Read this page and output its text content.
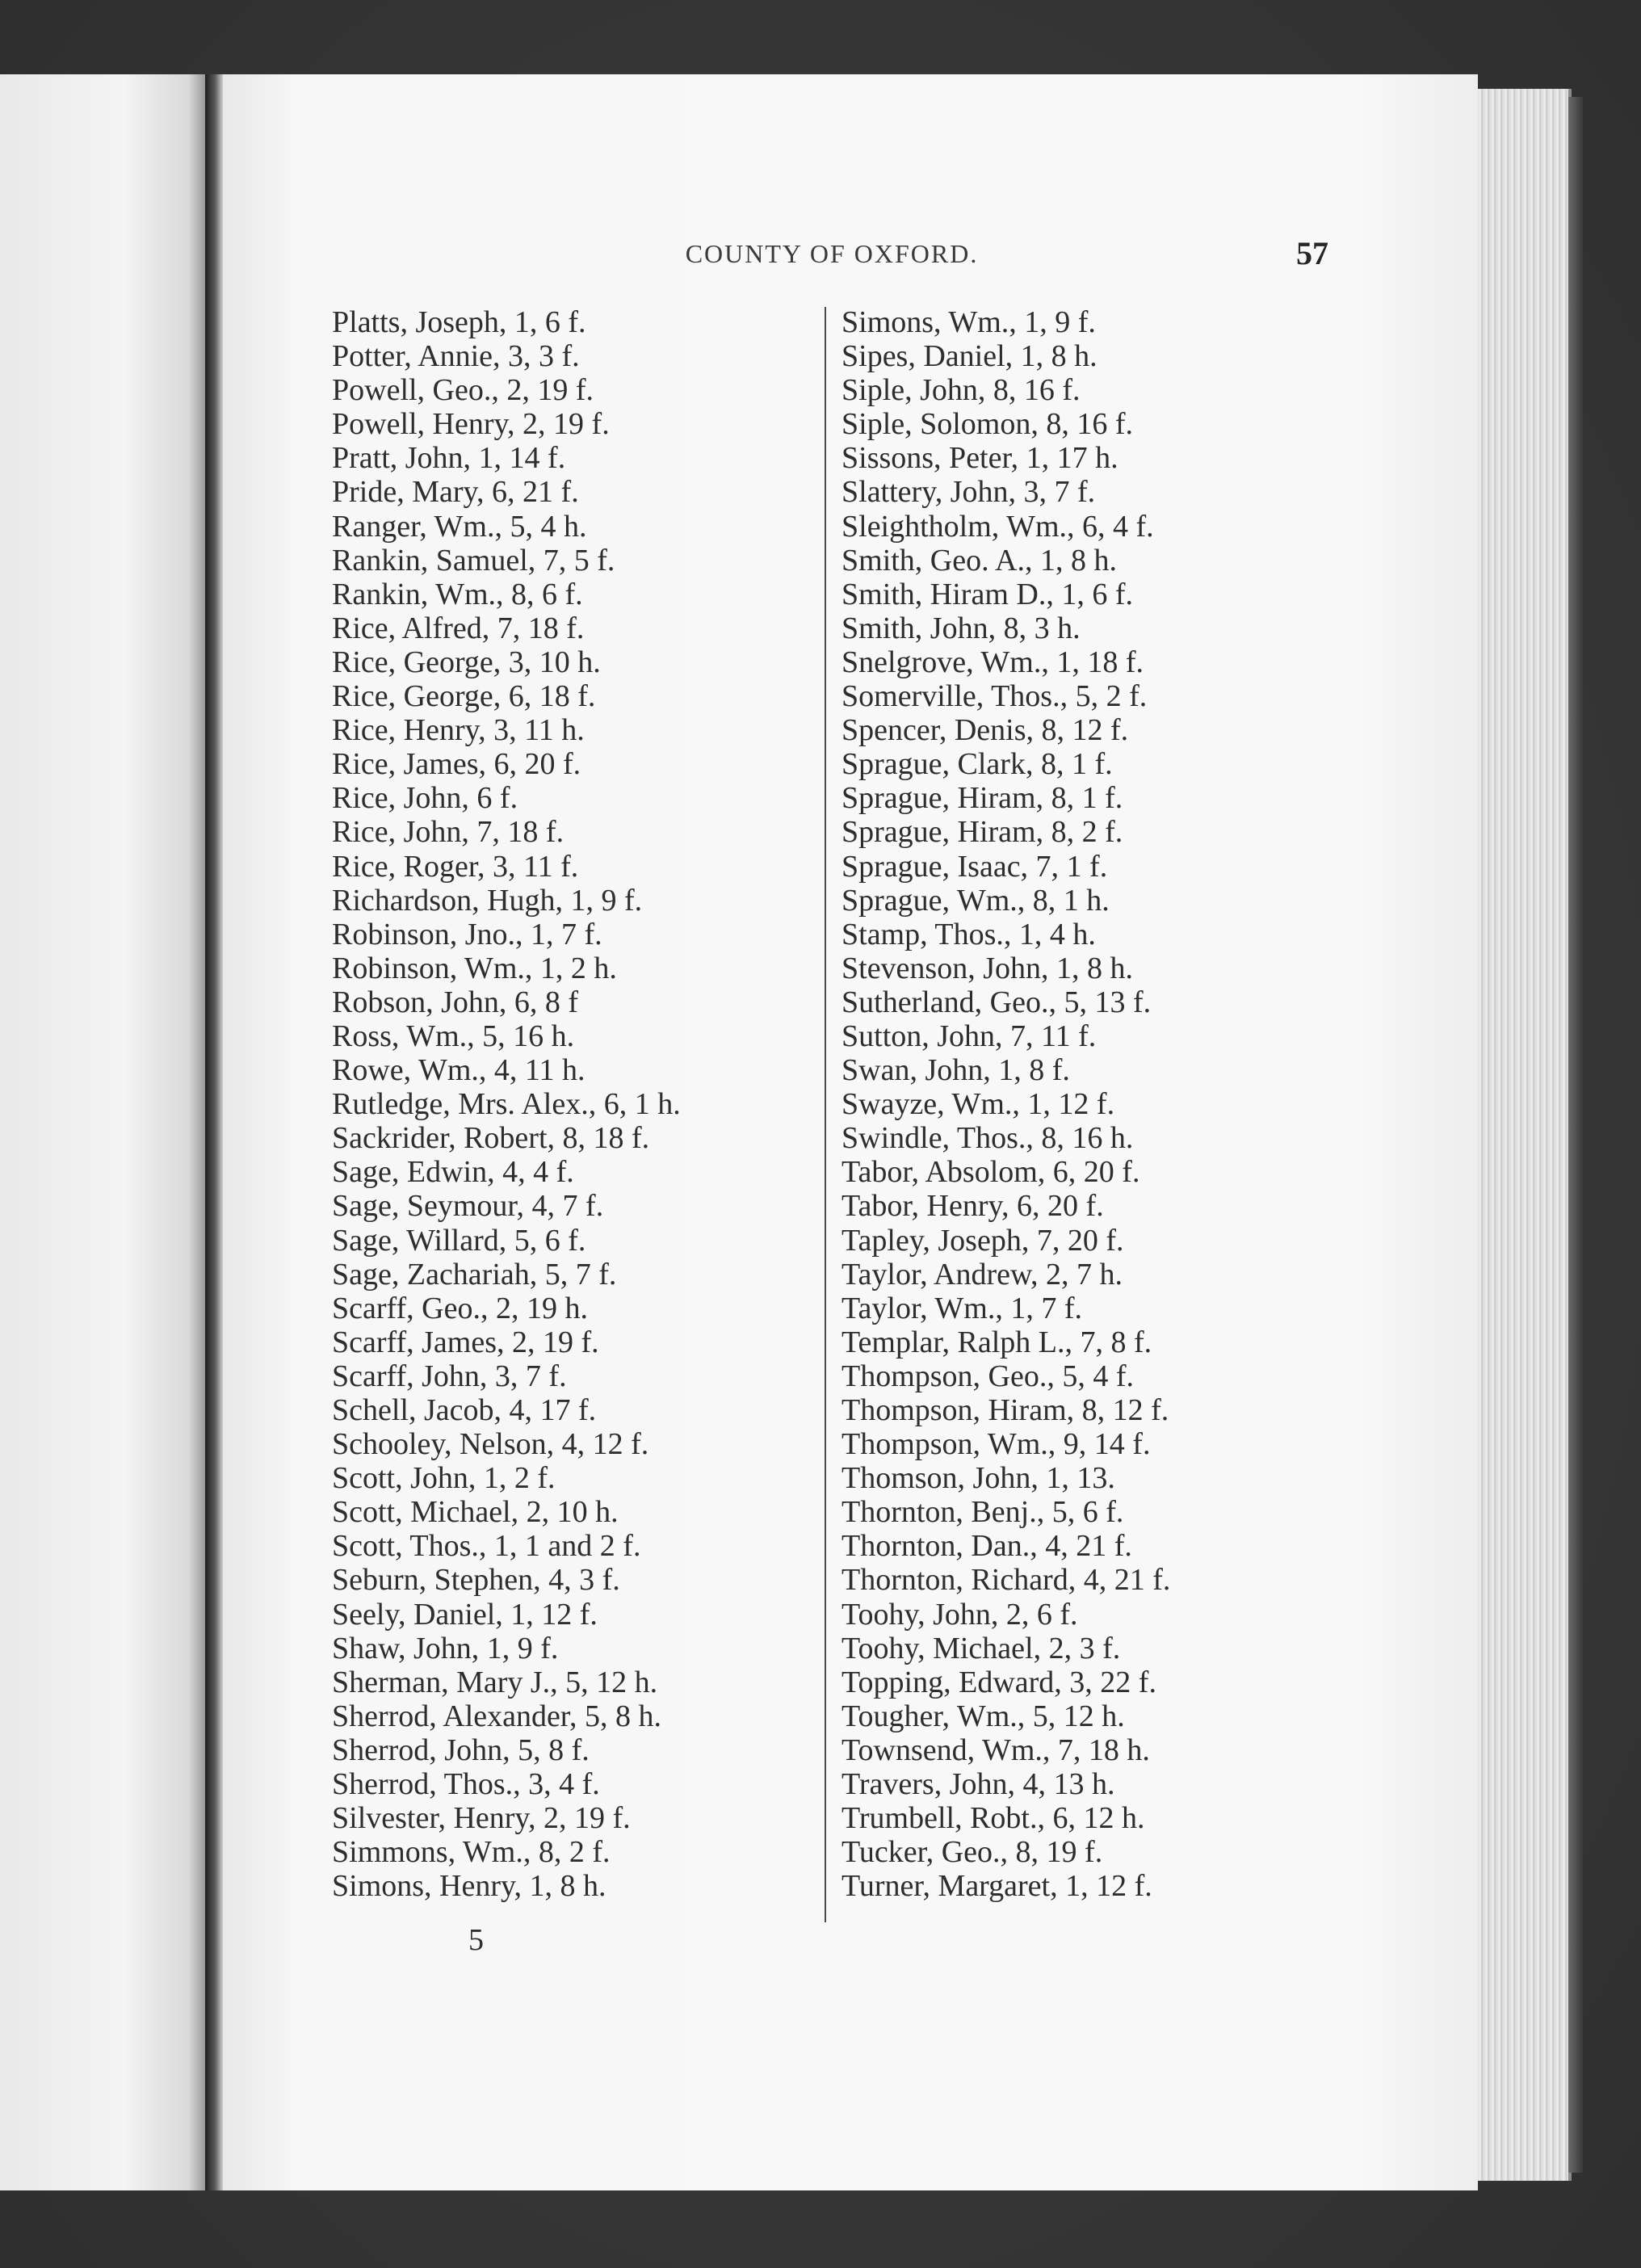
COUNTY OF OXFORD.	57
Platts, Joseph, 1, 6 f.
Potter, Annie, 3, 3 f.
Powell, Geo., 2, 19 f.
Powell, Henry, 2, 19 f.
Pratt, John, 1, 14 f.
Pride, Mary, 6, 21 f.
Ranger, Wm., 5, 4 h.
Rankin, Samuel, 7, 5 f.
Rankin, Wm., 8, 6 f.
Rice, Alfred, 7, 18 f.
Rice, George, 3, 10 h.
Rice, George, 6, 18 f.
Rice, Henry, 3, 11 h.
Rice, James, 6, 20 f.
Rice, John, 6 f.
Rice, John, 7, 18 f.
Rice, Roger, 3, 11 f.
Richardson, Hugh, 1, 9 f.
Robinson, Jno., 1, 7 f.
Robinson, Wm., 1, 2 h.
Robson, John, 6, 8 f
Ross, Wm., 5, 16 h.
Rowe, Wm., 4, 11 h.
Rutledge, Mrs. Alex., 6, 1 h.
Sackrider, Robert, 8, 18 f.
Sage, Edwin, 4, 4 f.
Sage, Seymour, 4, 7 f.
Sage, Willard, 5, 6 f.
Sage, Zachariah, 5, 7 f.
Scarff, Geo., 2, 19 h.
Scarff, James, 2, 19 f.
Scarff, John, 3, 7 f.
Schell, Jacob, 4, 17 f.
Schooley, Nelson, 4, 12 f.
Scott, John, 1, 2 f.
Scott, Michael, 2, 10 h.
Scott, Thos., 1, 1 and 2 f.
Seburn, Stephen, 4, 3 f.
Seely, Daniel, 1, 12 f.
Shaw, John, 1, 9 f.
Sherman, Mary J., 5, 12 h.
Sherrod, Alexander, 5, 8 h.
Sherrod, John, 5, 8 f.
Sherrod, Thos., 3, 4 f.
Silvester, Henry, 2, 19 f.
Simmons, Wm., 8, 2 f.
Simons, Henry, 1, 8 h.
Simons, Wm., 1, 9 f.
Sipes, Daniel, 1, 8 h.
Siple, John, 8, 16 f.
Siple, Solomon, 8, 16 f.
Sissons, Peter, 1, 17 h.
Slattery, John, 3, 7 f.
Sleightholm, Wm., 6, 4 f.
Smith, Geo. A., 1, 8 h.
Smith, Hiram D., 1, 6 f.
Smith, John, 8, 3 h.
Snelgrove, Wm., 1, 18 f.
Somerville, Thos., 5, 2 f.
Spencer, Denis, 8, 12 f.
Sprague, Clark, 8, 1 f.
Sprague, Hiram, 8, 1 f.
Sprague, Hiram, 8, 2 f.
Sprague, Isaac, 7, 1 f.
Sprague, Wm., 8, 1 h.
Stamp, Thos., 1, 4 h.
Stevenson, John, 1, 8 h.
Sutherland, Geo., 5, 13 f.
Sutton, John, 7, 11 f.
Swan, John, 1, 8 f.
Swayze, Wm., 1, 12 f.
Swindle, Thos., 8, 16 h.
Tabor, Absolom, 6, 20 f.
Tabor, Henry, 6, 20 f.
Tapley, Joseph, 7, 20 f.
Taylor, Andrew, 2, 7 h.
Taylor, Wm., 1, 7 f.
Templar, Ralph L., 7, 8 f.
Thompson, Geo., 5, 4 f.
Thompson, Hiram, 8, 12 f.
Thompson, Wm., 9, 14 f.
Thomson, John, 1, 13.
Thornton, Benj., 5, 6 f.
Thornton, Dan., 4, 21 f.
Thornton, Richard, 4, 21 f.
Toohy, John, 2, 6 f.
Toohy, Michael, 2, 3 f.
Topping, Edward, 3, 22 f.
Tougher, Wm., 5, 12 h.
Townsend, Wm., 7, 18 h.
Travers, John, 4, 13 h.
Trumbell, Robt., 6, 12 h.
Tucker, Geo., 8, 19 f.
Turner, Margaret, 1, 12 f.
5
